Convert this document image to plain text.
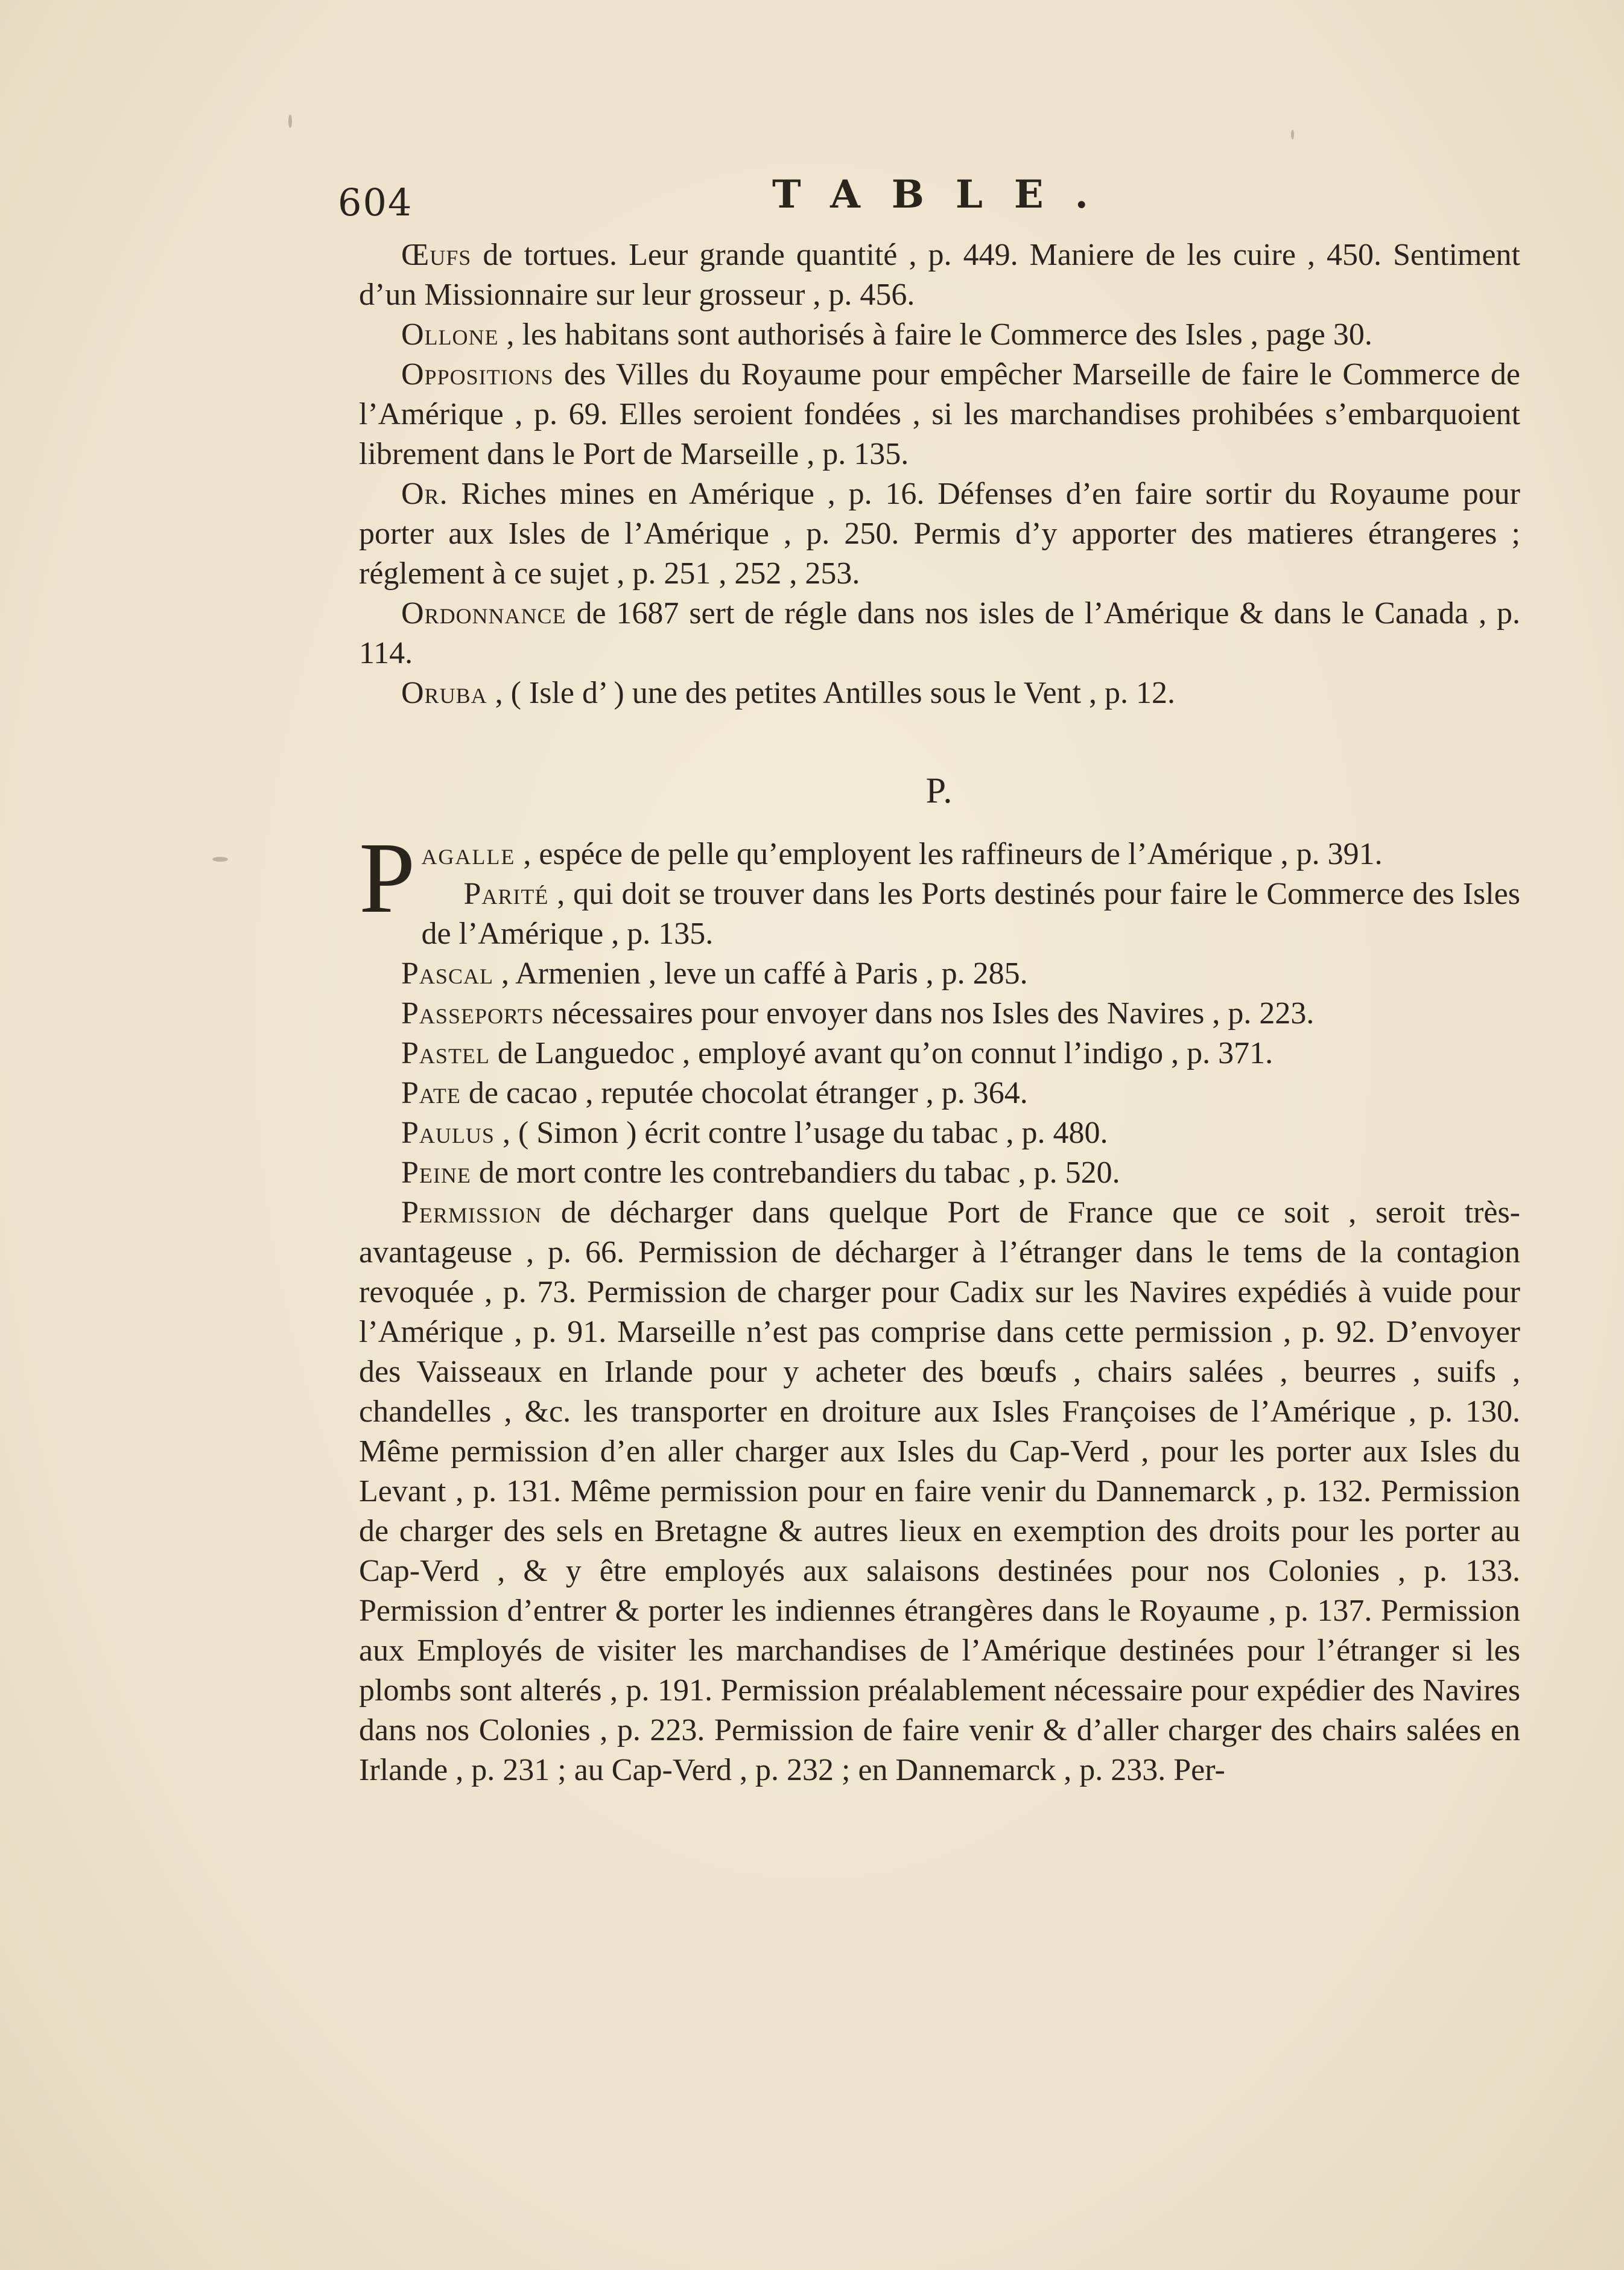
604	TABLE.

Œufs de tortues. Leur grande quantité , p. 449. Maniere de les cuire , 450. Sentiment d’un Missionnaire sur leur grosseur , p. 456.

Ollone , les habitans sont authorisés à faire le Commerce des Isles , page 30.

Oppositions des Villes du Royaume pour empêcher Marseille de faire le Commerce de l’Amérique , p. 69. Elles seroient fondées , si les marchandises prohibées s’embarquoient librement dans le Port de Marseille , p. 135.

Or. Riches mines en Amérique , p. 16. Défenses d’en faire sortir du Royaume pour porter aux Isles de l’Amérique , p. 250. Permis d’y apporter des matieres étrangeres ; réglement à ce sujet , p. 251 , 252 , 253.

Ordonnance de 1687 sert de régle dans nos isles de l’Amérique & dans le Canada , p. 114.

Oruba , ( Isle d’ ) une des petites Antilles sous le Vent , p. 12.

P.

Pagalle , espéce de pelle qu’employent les raffineurs de l’Amérique , p. 391.

Parité , qui doit se trouver dans les Ports destinés pour faire le Commerce des Isles de l’Amérique , p. 135.

Pascal , Armenien , leve un caffé à Paris , p. 285.

Passeports nécessaires pour envoyer dans nos Isles des Navires , p. 223.

Pastel de Languedoc , employé avant qu’on connut l’indigo , p. 371.

Pate de cacao , reputée chocolat étranger , p. 364.

Paulus , ( Simon ) écrit contre l’usage du tabac , p. 480.

Peine de mort contre les contrebandiers du tabac , p. 520.

Permission de décharger dans quelque Port de France que ce soit , seroit très-avantageuse , p. 66. Permission de décharger à l’étranger dans le tems de la contagion revoquée , p. 73. Permission de charger pour Cadix sur les Navires expédiés à vuide pour l’Amérique , p. 91. Marseille n’est pas comprise dans cette permission , p. 92. D’envoyer des Vaisseaux en Irlande pour y acheter des bœufs , chairs salées , beurres , suifs , chandelles , &c. les transporter en droiture aux Isles Françoises de l’Amérique , p. 130. Même permission d’en aller charger aux Isles du Cap-Verd , pour les porter aux Isles du Levant , p. 131. Même permission pour en faire venir du Dannemarck , p. 132. Permission de charger des sels en Bretagne & autres lieux en exemption des droits pour les porter au Cap-Verd , & y être employés aux salaisons destinées pour nos Colonies , p. 133. Permission d’entrer & porter les indiennes étrangères dans le Royaume , p. 137. Permission aux Employés de visiter les marchandises de l’Amérique destinées pour l’étranger si les plombs sont alterés , p. 191. Permission préalablement nécessaire pour expédier des Navires dans nos Colonies , p. 223. Permission de faire venir & d’aller charger des chairs salées en Irlande , p. 231 ; au Cap-Verd , p. 232 ; en Dannemarck , p. 233. Per-
